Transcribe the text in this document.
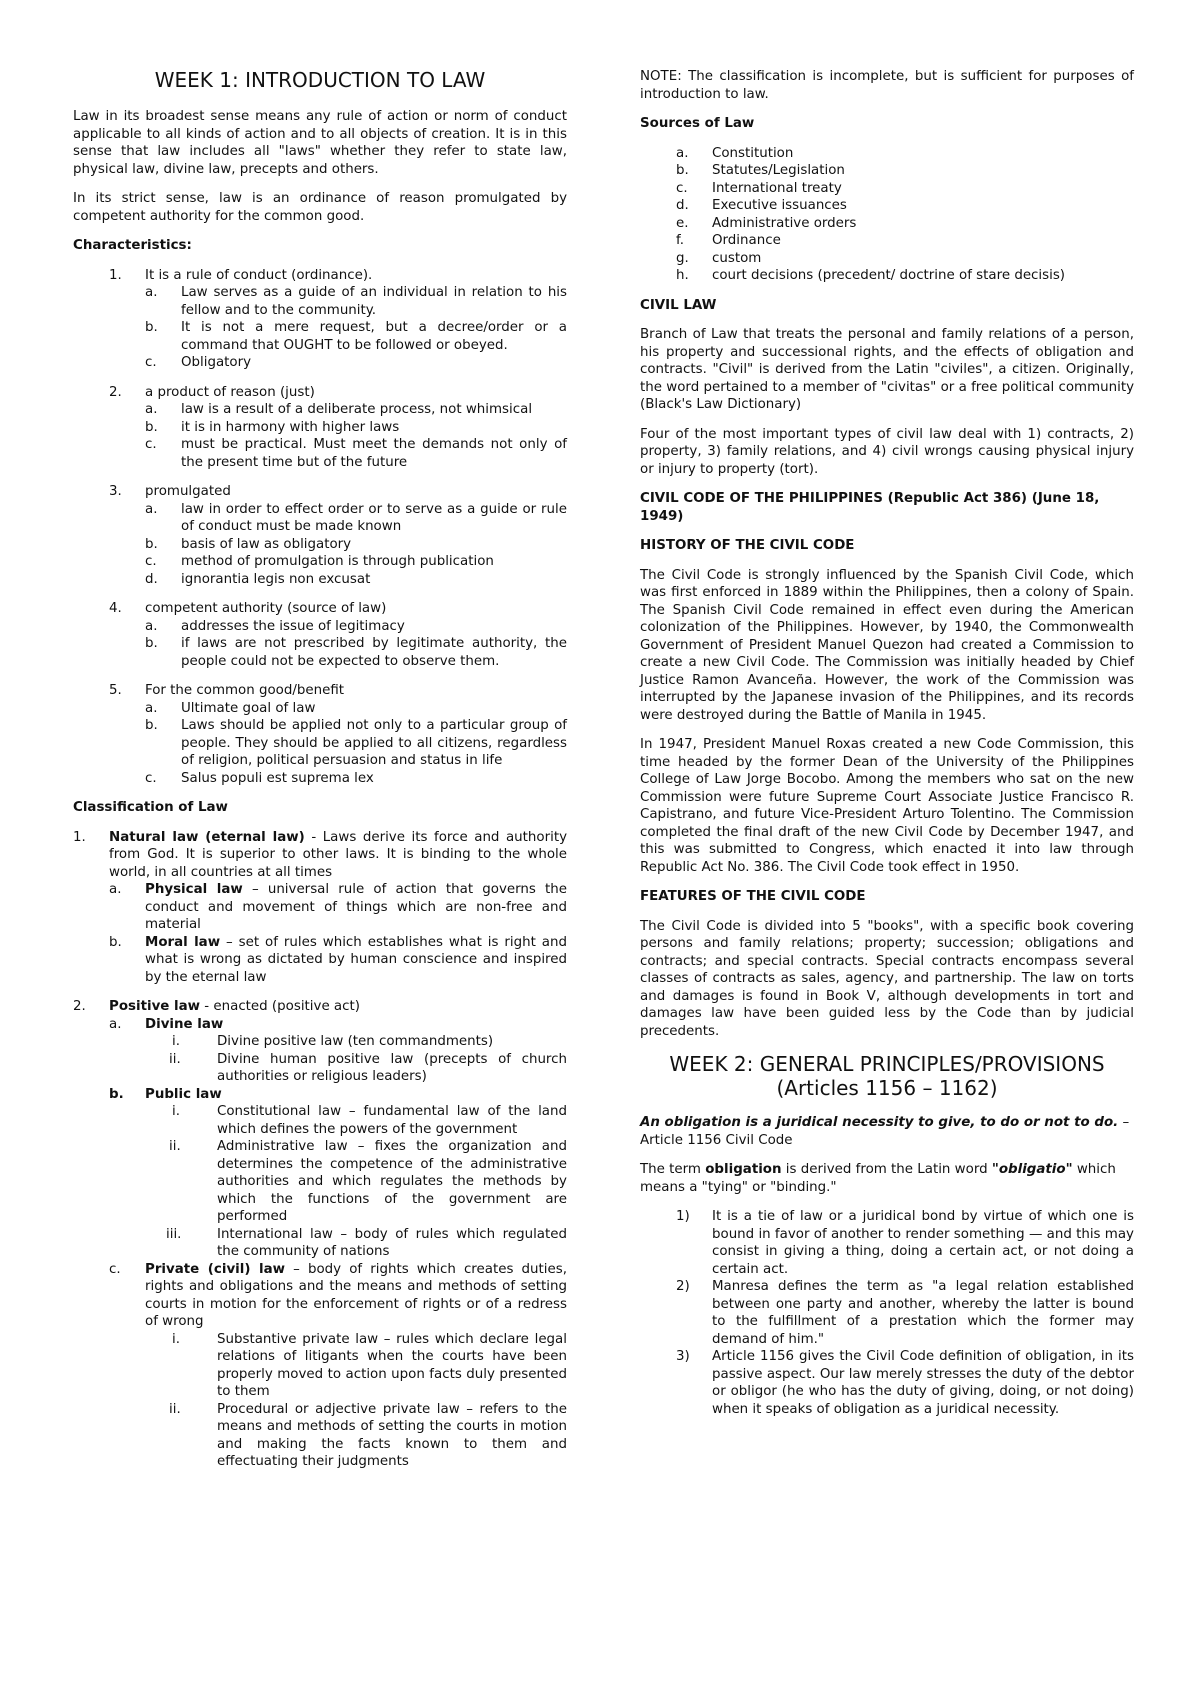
WEEK 1: INTRODUCTION TO LAW

Law in its broadest sense means any rule of action or norm of conduct applicable to all kinds of action and to all objects of creation. It is in this sense that law includes all "laws" whether they refer to state law, physical law, divine law, precepts and others.

In its strict sense, law is an ordinance of reason promulgated by competent authority for the common good.

Characteristics:
1. It is a rule of conduct (ordinance).
a. Law serves as a guide of an individual in relation to his fellow and to the community.
b. It is not a mere request, but a decree/order or a command that OUGHT to be followed or obeyed.
c. Obligatory
2. a product of reason (just)
a. law is a result of a deliberate process, not whimsical
b. it is in harmony with higher laws
c. must be practical. Must meet the demands not only of the present time but of the future
3. promulgated
a. law in order to effect order or to serve as a guide or rule of conduct must be made known
b. basis of law as obligatory
c. method of promulgation is through publication
d. ignorantia legis non excusat
4. competent authority (source of law)
a. addresses the issue of legitimacy
b. if laws are not prescribed by legitimate authority, the people could not be expected to observe them.
5. For the common good/benefit
a. Ultimate goal of law
b. Laws should be applied not only to a particular group of people. They should be applied to all citizens, regardless of religion, political persuasion and status in life
c. Salus populi est suprema lex
Classification of Law
1. Natural law (eternal law) - Laws derive its force and authority from God. It is superior to other laws. It is binding to the whole world, in all countries at all times
a. Physical law – universal rule of action that governs the conduct and movement of things which are non-free and material
b. Moral law – set of rules which establishes what is right and what is wrong as dictated by human conscience and inspired by the eternal law
2. Positive law - enacted (positive act)
a. Divine law
i.	Divine positive law (ten commandments)
ii.	Divine human positive law (precepts of church authorities or religious leaders)
b. Public law
i.	Constitutional law – fundamental law of the land which defines the powers of the government
ii.	Administrative law – fixes the organization and determines the competence of the administrative authorities and which regulates the methods by which the functions of the government are performed
iii.	International law – body of rules which regulated the community of nations
c. Private (civil) law – body of rights which creates duties, rights and obligations and the means and methods of setting courts in motion for the enforcement of rights or of a redress of wrong
i.	Substantive private law – rules which declare legal relations of litigants when the courts have been properly moved to action upon facts duly presented to them
ii.	Procedural or adjective private law – refers to the means and methods of setting the courts in motion and making the facts known to them and effectuating their judgments

NOTE: The classification is incomplete, but is sufficient for purposes of introduction to law.

Sources of Law
a. Constitution
b. Statutes/Legislation
c. International treaty
d. Executive issuances
e. Administrative orders
f. Ordinance
g. custom
h. court decisions (precedent/ doctrine of stare decisis)
CIVIL LAW

Branch of Law that treats the personal and family relations of a person, his property and successional rights, and the effects of obligation and contracts. "Civil" is derived from the Latin "civiles", a citizen. Originally, the word pertained to a member of "civitas" or a free political community (Black's Law Dictionary)

Four of the most important types of civil law deal with 1) contracts, 2) property, 3) family relations, and 4) civil wrongs causing physical injury or injury to property (tort).

CIVIL CODE OF THE PHILIPPINES (Republic Act 386) (June 18, 1949)
HISTORY OF THE CIVIL CODE

The Civil Code is strongly influenced by the Spanish Civil Code, which was first enforced in 1889 within the Philippines, then a colony of Spain. The Spanish Civil Code remained in effect even during the American colonization of the Philippines. However, by 1940, the Commonwealth Government of President Manuel Quezon had created a Commission to create a new Civil Code. The Commission was initially headed by Chief Justice Ramon Avanceña. However, the work of the Commission was interrupted by the Japanese invasion of the Philippines, and its records were destroyed during the Battle of Manila in 1945.

In 1947, President Manuel Roxas created a new Code Commission, this time headed by the former Dean of the University of the Philippines College of Law Jorge Bocobo. Among the members who sat on the new Commission were future Supreme Court Associate Justice Francisco R. Capistrano, and future Vice-President Arturo Tolentino. The Commission completed the final draft of the new Civil Code by December 1947, and this was submitted to Congress, which enacted it into law through Republic Act No. 386. The Civil Code took effect in 1950.

FEATURES OF THE CIVIL CODE

The Civil Code is divided into 5 "books", with a specific book covering persons and family relations; property; succession; obligations and contracts; and special contracts. Special contracts encompass several classes of contracts as sales, agency, and partnership. The law on torts and damages is found in Book V, although developments in tort and damages law have been guided less by the Code than by judicial precedents.

WEEK 2: GENERAL PRINCIPLES/PROVISIONS
(Articles 1156 – 1162)

An obligation is a juridical necessity to give, to do or not to do. – Article 1156 Civil Code

The term obligation is derived from the Latin word "obligatio" which means a "tying" or "binding."

1) It is a tie of law or a juridical bond by virtue of which one is bound in favor of another to render something — and this may consist in giving a thing, doing a certain act, or not doing a certain act.
2) Manresa defines the term as "a legal relation established between one party and another, whereby the latter is bound to the fulfillment of a prestation which the former may demand of him."
3) Article 1156 gives the Civil Code definition of obligation, in its passive aspect. Our law merely stresses the duty of the debtor or obligor (he who has the duty of giving, doing, or not doing) when it speaks of obligation as a juridical necessity.
